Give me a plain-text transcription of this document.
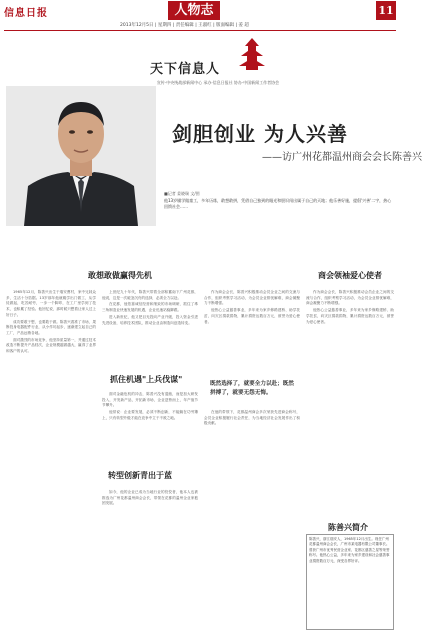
信息日报	人物志	11
2013年12月5日 | 星期四 | 责任编辑 | 王淑红 | 版面编辑 | 姜 超
天下信息人
宣传·中央统战部新闻中心 承办·信息日报社 协办·中国新闻工作者协会
剑胆创业 为人兴善
——访广州花都温州商会会长陈善兴
■记者 姜晓瑞 文/图
他13岁辍学做童工，多年历练，敢想敢拼，凭借自己独到的眼光和胆识闯出属于自己的天地；他乐善好施，提倡'兴善'二字，热心回馈社会……
敢想敢做赢得先机
抓住机遇"上兵伐谋"
转型创新青出于蓝
商会领袖爱心使者

1965年12月，陈善兴出生于瑞安曹村，家中兄妹众多，生活十分拮据。13岁那年他就辍学出门做工，从学徒做起，吃苦耐劳，一步一个脚印，在工厂里学到了技术，也积累了经验。他回忆说，那时候只想着让家人过上好日子。

成功要敢于想，也要敢于做。陈善兴看准了市场，果断投身电器配件行业，从小作坊起步，逐渐建立起自己的工厂，产品远销各地。

面对激烈的市场竞争，他坚持质量第一，并通过技术改造不断提升产品档次，企业规模越做越大，赢得了业界和客户的认可。

上世纪九十年代，陈善兴带着全部积蓄南下广州花都，他说，这是一次破釜沉舟的选择，必须全力以赴。

在花都，他依靠诚信经营和细致的市场调研，抓住了珠三角制造业快速发展的机遇，企业迅速站稳脚跟。

进入新世纪，他又把目光投向产业升级，投入资金引进先进设备，培养技术团队，推动企业由制造向创造转变。

面对金融危机的冲击，陈善兴没有退缩，而是加大研发投入，开发新产品，开拓新市场，企业逆势而上，年产值节节攀升。

他常说：企业要发展，必须不断创新，不能躺在功劳簿上，只有转型升级才能在竞争中立于不败之地。

如今，他的企业已成为当地行业的佼佼者，他本人也被推选为广州花都温州商会会长，带领在花都的温州企业家抱团发展。

作为商会会长，陈善兴积极推动会员企业之间的交流与合作，组织考察学习活动，为会员企业排忧解难，商会凝聚力不断增强。

他热心公益慈善事业，多年来为家乡修路建桥、助学扶贫，向灾区捐款捐物，累计捐资达数百万元，被誉为爱心使者。

在他的带领下，花都温州商会多次荣获先进商会称号，会员企业积极履行社会责任，为当地经济社会发展作出了积极贡献。

作为商会会长，陈善兴积极推动会员企业之间的交流与合作，组织考察学习活动，为会员企业排忧解难，商会凝聚力不断增强。

他热心公益慈善事业，多年来为家乡修路建桥、助学扶贫，向灾区捐款捐物，累计捐资达数百万元，被誉为爱心使者。

既然选择了，就要全力以赴；既然拼搏了，就要无怨无悔。
陈善兴简介
陈善兴，浙江瑞安人，1965年12月出生。现任广州花都温州商会会长，广州市某电器有限公司董事长。曾获广州市优秀民营企业家、花都区慈善之星等荣誉称号。他热心公益，多年来为家乡建设和社会慈善事业捐资数百万元，深受各界好评。
